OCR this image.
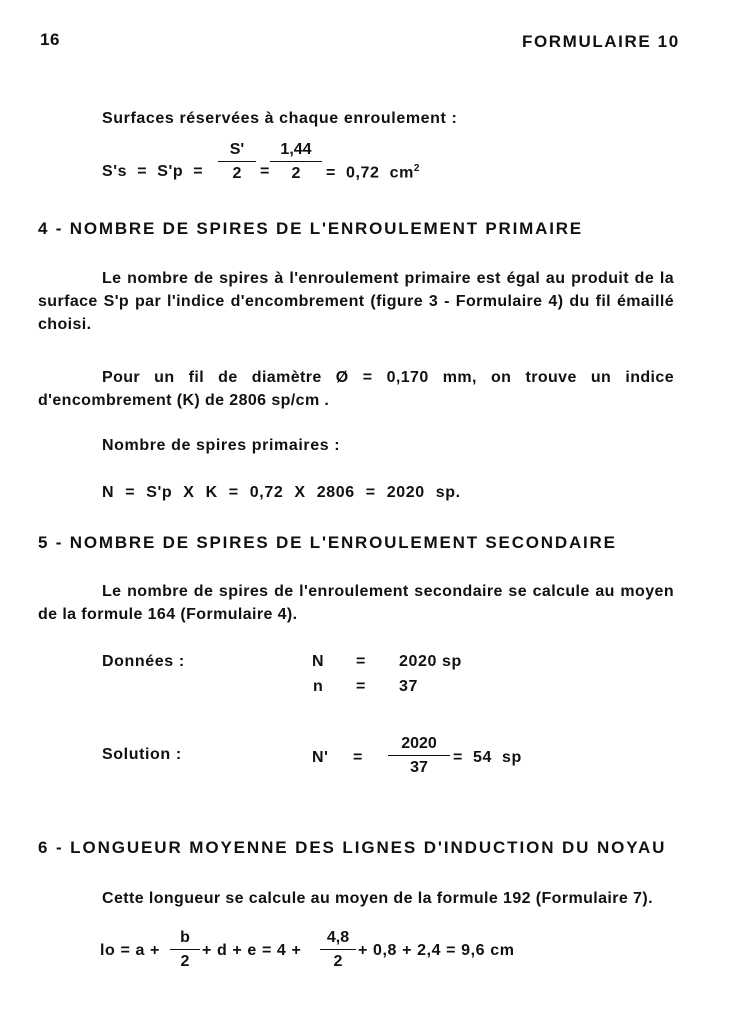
16	FORMULAIRE 10
Surfaces réservées à chaque enroulement :
S's = S'p =
S'
2	=
1,44
2	= 0,72 $cm^2$
4 - NOMBRE DE SPIRES DE L'ENROULEMENT PRIMAIRE
Le nombre de spires à l'enroulement primaire est égal au produit de la surface S'p par l'indice d'encombrement (figure 3 - Formulaire 4) du fil émaillé choisi.
Pour un fil de diamètre Ø = 0,170 mm, on trouve un indice d'encombrement (K) de 2806 sp/cm .
Nombre de spires primaires :
N = S'p X K = 0,72 X 2806 = 2020 sp.
5 - NOMBRE DE SPIRES DE L'ENROULEMENT SECONDAIRE
Le nombre de spires de l'enroulement secondaire se calcule au moyen de la formule 164 (Formulaire 4).
Données :	N = 2020 sp
n = 37
Solution :	N' =
2020
37
= 54 sp
6 - LONGUEUR MOYENNE DES LIGNES D'INDUCTION DU NOYAU
Cette longueur se calcule au moyen de la formule 192 (Formulaire 7).
lo = a +
b
2
+ d + e = 4 +
4,8
2
+ 0,8 + 2,4 = 9,6 cm
